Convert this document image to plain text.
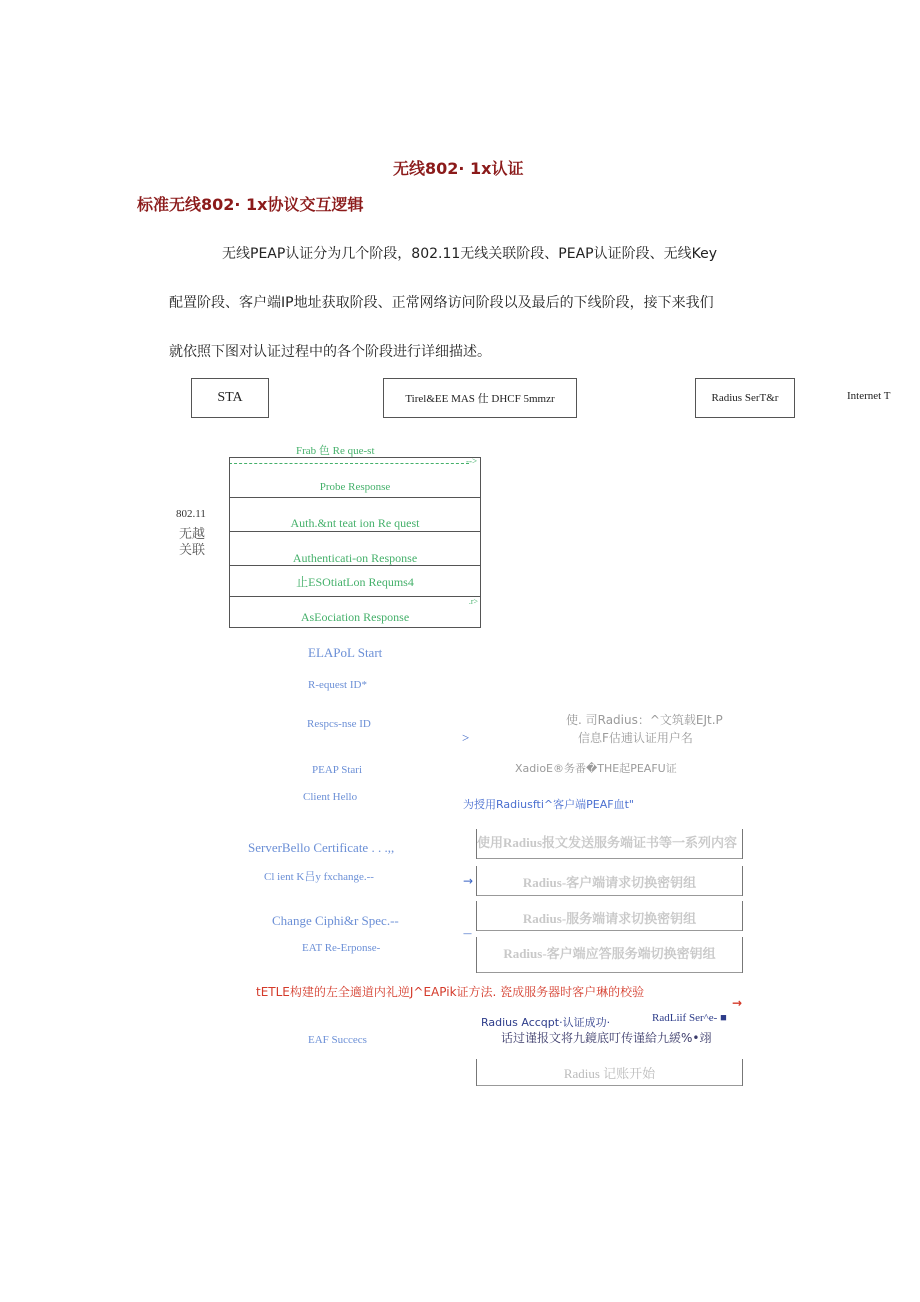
无线802· 1x认证
标准无线802· 1x协议交互逻辑
无线PEAP认证分为几个阶段，802.11无线关联阶段、PEAP认证阶段、无线Key
配置阶段、客户端IP地址获取阶段、正常网络访问阶段以及最后的下线阶段，接下来我们
就依照下图对认证过程中的各个阶段进行详细描述。
STA	Tirel&EE MAS 仕 DHCF 5mmzr	Radius SerT&r	Internet T
802.11
无越
关联
Frab 色 Re que-st
-->
Probe Response
Auth.&nt teat ion Re quest
Authenticati-on Response
止ESOtiatLon Requms4
AsEociation Response
.r>
ELAPoL Start
R-equest ID*
Respcs-nse ID
PEAP Stari
Client Hello
ServerBello Certificate . . .,,
Cl ient K吕y fxchange.--
Change Ciphi&r Spec.--
EAT Re-Erponse-
EAF Succecs
>
使. 司Radius：^文筑载EJt.P
信息F估逋认证用户名
XadioE®务番�THE起PEAFU证
为授用Radiusfti^客户端PEAF血t"
使用Radius报文发送服务端证书等一系列内容
→	Radius-客户端请求切换密钥组
Radius-服务端请求切换密钥组
—
Radius-客户端应答服务端切换密钥组
tETLE构建的左全適道内礼逆J^EAPik证方法. 瓷成服务器时客户琳的校验
→
Radius Accqpt·认证成功·	RadLiif Ser^e- ■
话过谨报文将九鏡底叮传谨給九緩%•翊
Radius 记账开始
